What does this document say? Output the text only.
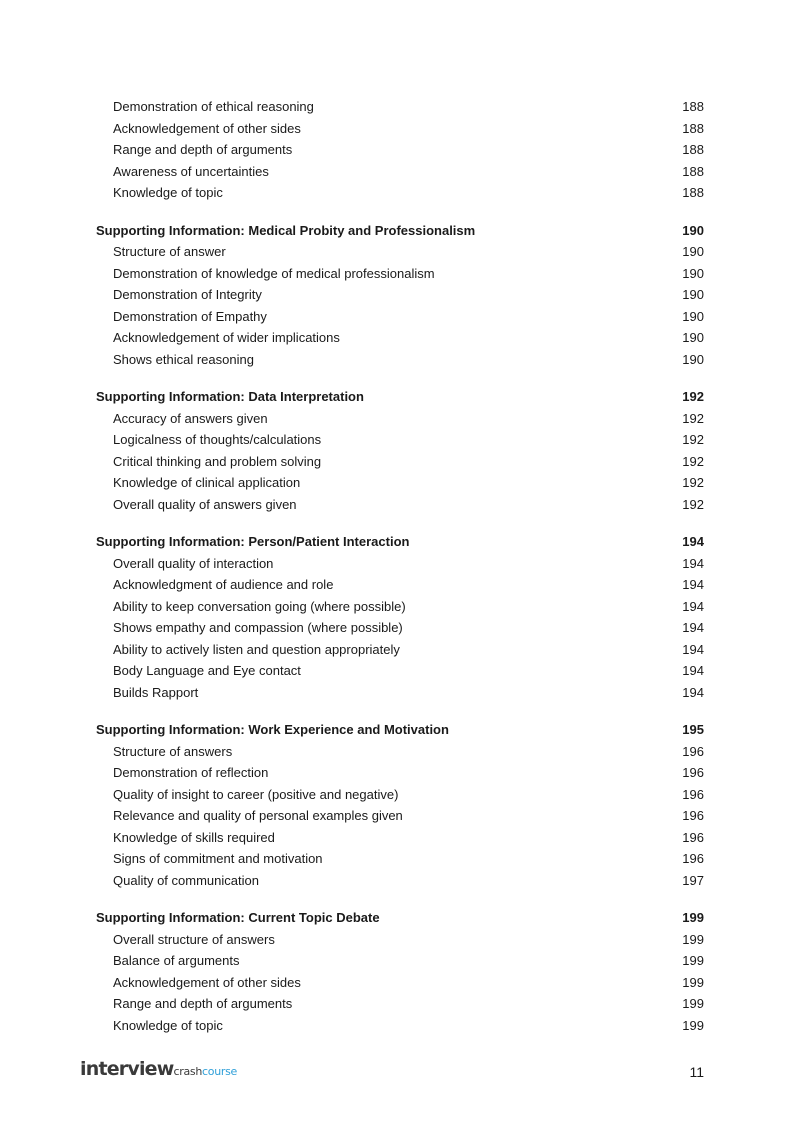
Demonstration of ethical reasoning	188
Acknowledgement of other sides	188
Range and depth of arguments	188
Awareness of uncertainties	188
Knowledge of topic	188
Supporting Information: Medical Probity and Professionalism	190
Structure of answer	190
Demonstration of knowledge of medical professionalism	190
Demonstration of Integrity	190
Demonstration of Empathy	190
Acknowledgement of wider implications	190
Shows ethical reasoning	190
Supporting Information: Data Interpretation	192
Accuracy of answers given	192
Logicalness of thoughts/calculations	192
Critical thinking and problem solving	192
Knowledge of clinical application	192
Overall quality of answers given	192
Supporting Information: Person/Patient Interaction	194
Overall quality of interaction	194
Acknowledgment of audience and role	194
Ability to keep conversation going (where possible)	194
Shows empathy and compassion (where possible)	194
Ability to actively listen and question appropriately	194
Body Language and Eye contact	194
Builds Rapport	194
Supporting Information: Work Experience and Motivation	195
Structure of answers	196
Demonstration of reflection	196
Quality of insight to career (positive and negative)	196
Relevance and quality of personal examples given	196
Knowledge of skills required	196
Signs of commitment and motivation	196
Quality of communication	197
Supporting Information: Current Topic Debate	199
Overall structure of answers	199
Balance of arguments	199
Acknowledgement of other sides	199
Range and depth of arguments	199
Knowledge of topic	199
interviewcrashcourse	11
